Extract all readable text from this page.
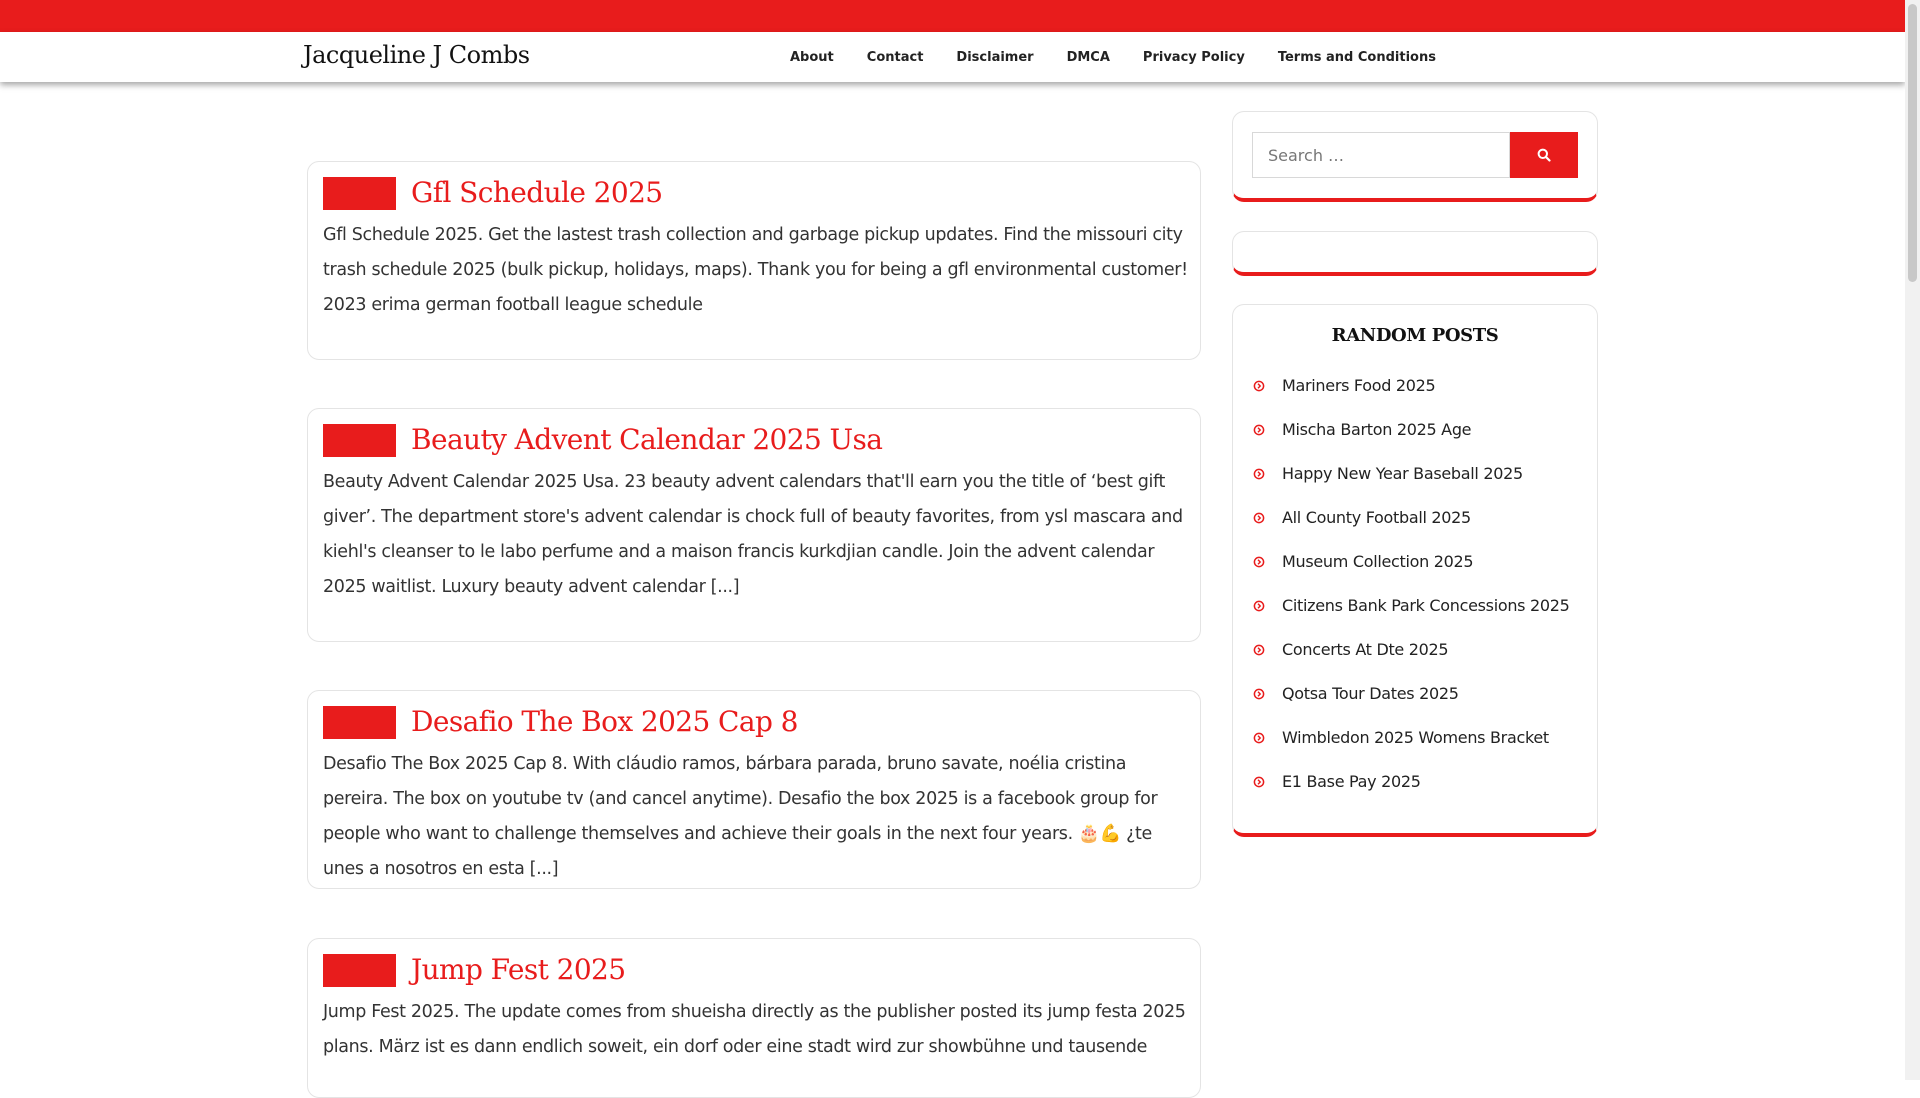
Jacqueline J Combs	About	Contact	Disclaimer	DMCA	Privacy Policy	Terms and Conditions
Gfl Schedule 2025
Gfl Schedule 2025. Get the lastest trash collection and garbage pickup updates. Find the missouri city trash schedule 2025 (bulk pickup, holidays, maps). Thank you for being a gfl environmental customer! 2023 erima german football league schedule
Beauty Advent Calendar 2025 Usa
Beauty Advent Calendar 2025 Usa. 23 beauty advent calendars that'll earn you the title of ‘best gift giver’. The department store's advent calendar is chock full of beauty favorites, from ysl mascara and kiehl's cleanser to le labo perfume and a maison francis kurkdjian candle. Join the advent calendar 2025 waitlist. Luxury beauty advent calendar [...]
Desafio The Box 2025 Cap 8
Desafio The Box 2025 Cap 8. With cláudio ramos, bárbara parada, bruno savate, noélia cristina pereira. The box on youtube tv (and cancel anytime). Desafio the box 2025 is a facebook group for people who want to challenge themselves and achieve their goals in the next four years. 🎂💪 ¿te unes a nosotros en esta [...]
Jump Fest 2025
Jump Fest 2025. The update comes from shueisha directly as the publisher posted its jump festa 2025 plans. März ist es dann endlich soweit, ein dorf oder eine stadt wird zur showbühne und tausende
Search …
RANDOM POSTS
Mariners Food 2025
Mischa Barton 2025 Age
Happy New Year Baseball 2025
All County Football 2025
Museum Collection 2025
Citizens Bank Park Concessions 2025
Concerts At Dte 2025
Qotsa Tour Dates 2025
Wimbledon 2025 Womens Bracket
E1 Base Pay 2025
